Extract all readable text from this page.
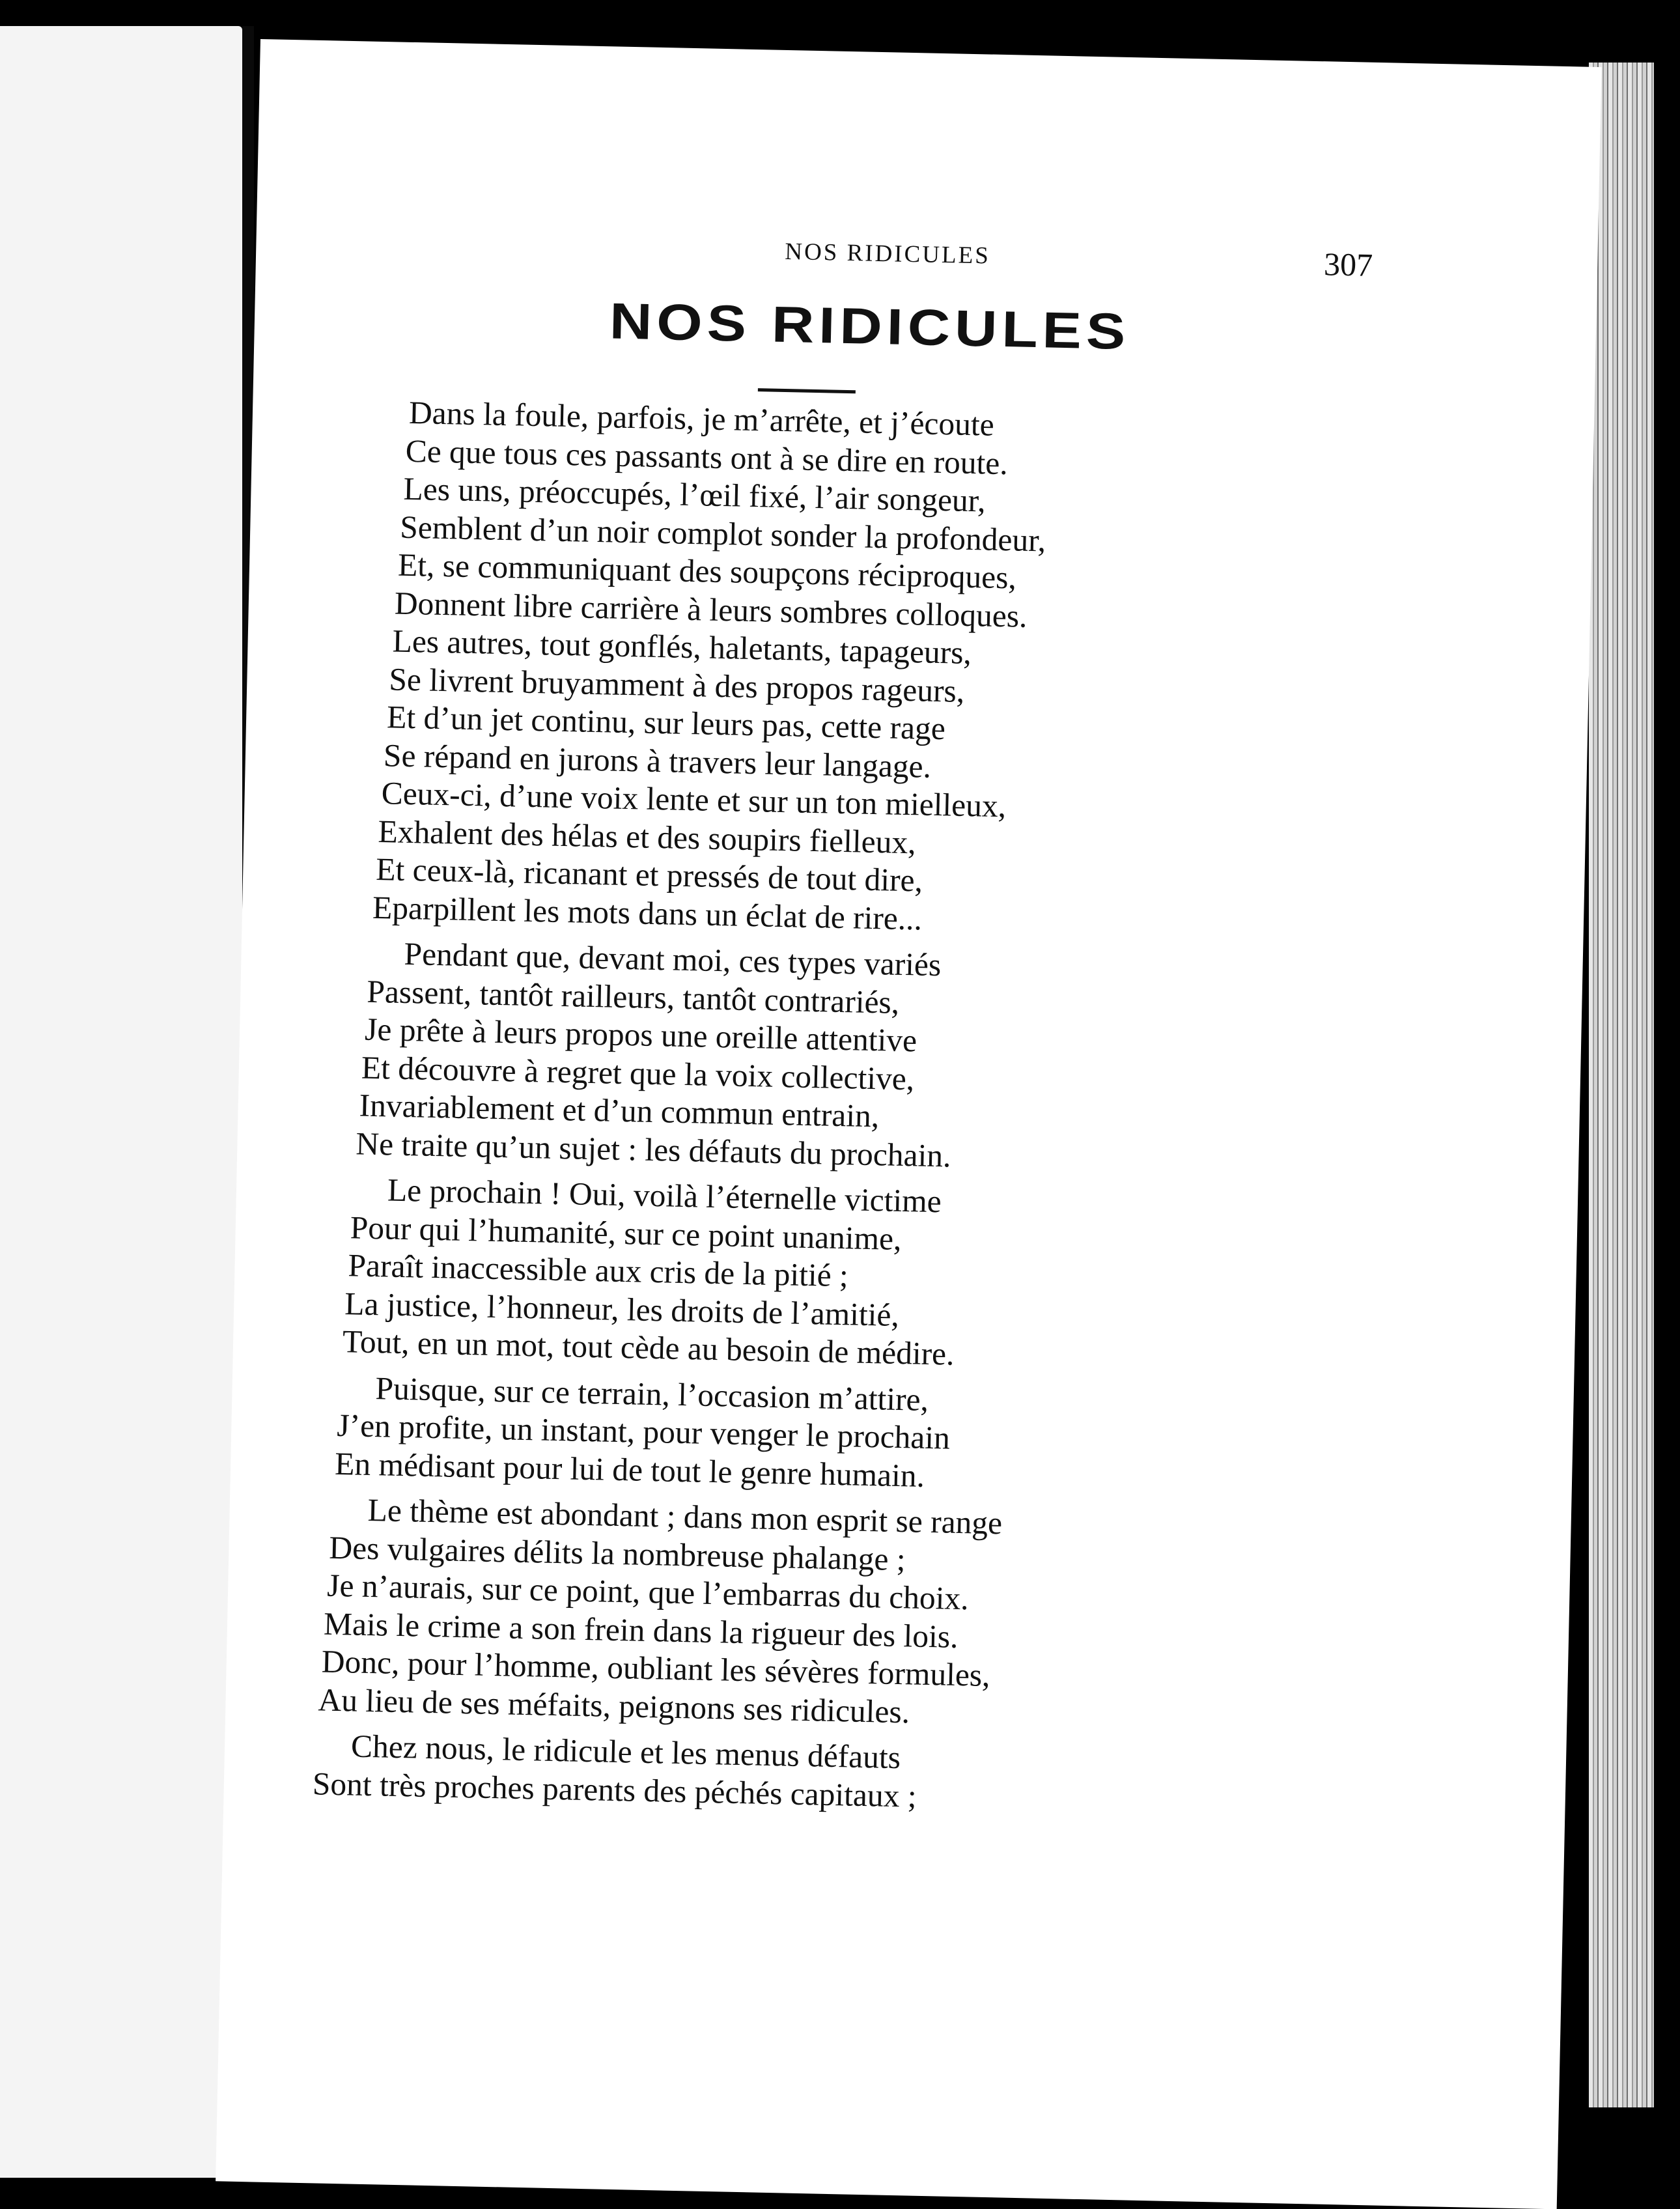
NOS RIDICULES	307
NOS RIDICULES
Dans la foule, parfois, je m’arrête, et j’écoute
Ce que tous ces passants ont à se dire en route.
Les uns, préoccupés, l’œil fixé, l’air songeur,
Semblent d’un noir complot sonder la profondeur,
Et, se communiquant des soupçons réciproques,
Donnent libre carrière à leurs sombres colloques.
Les autres, tout gonflés, haletants, tapageurs,
Se livrent bruyamment à des propos rageurs,
Et d’un jet continu, sur leurs pas, cette rage
Se répand en jurons à travers leur langage.
Ceux-ci, d’une voix lente et sur un ton mielleux,
Exhalent des hélas et des soupirs fielleux,
Et ceux-là, ricanant et pressés de tout dire,
Eparpillent les mots dans un éclat de rire...
Pendant que, devant moi, ces types variés
Passent, tantôt railleurs, tantôt contrariés,
Je prête à leurs propos une oreille attentive
Et découvre à regret que la voix collective,
Invariablement et d’un commun entrain,
Ne traite qu’un sujet : les défauts du prochain.
Le prochain ! Oui, voilà l’éternelle victime
Pour qui l’humanité, sur ce point unanime,
Paraît inaccessible aux cris de la pitié ;
La justice, l’honneur, les droits de l’amitié,
Tout, en un mot, tout cède au besoin de médire.
Puisque, sur ce terrain, l’occasion m’attire,
J’en profite, un instant, pour venger le prochain
En médisant pour lui de tout le genre humain.
Le thème est abondant ; dans mon esprit se range
Des vulgaires délits la nombreuse phalange ;
Je n’aurais, sur ce point, que l’embarras du choix.
Mais le crime a son frein dans la rigueur des lois.
Donc, pour l’homme, oubliant les sévères formules,
Au lieu de ses méfaits, peignons ses ridicules.
Chez nous, le ridicule et les menus défauts
Sont très proches parents des péchés capitaux ;
